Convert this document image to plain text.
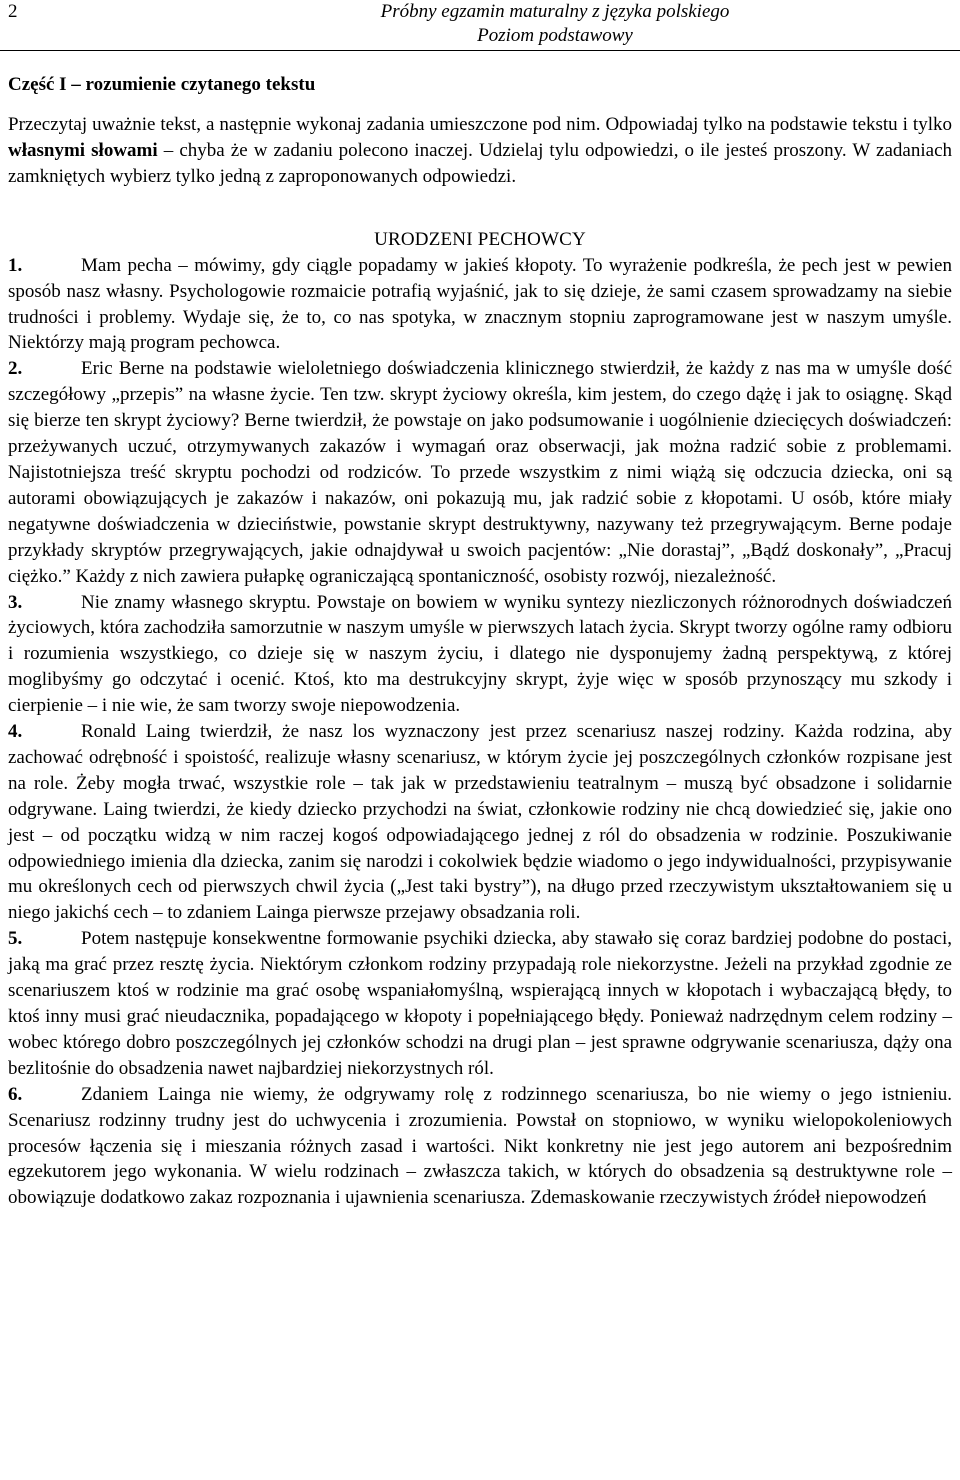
2	Próbny egzamin maturalny z języka polskiego
Poziom podstawowy
Część I – rozumienie czytanego tekstu

Przeczytaj uważnie tekst, a następnie wykonaj zadania umieszczone pod nim. Odpowiadaj tylko na podstawie tekstu i tylko własnymi słowami – chyba że w zadaniu polecono inaczej. Udzielaj tylu odpowiedzi, o ile jesteś proszony. W zadaniach zamkniętych wybierz tylko jedną z zaproponowanych odpowiedzi.

URODZENI PECHOWCY

1.	Mam pecha – mówimy, gdy ciągle popadamy w jakieś kłopoty. To wyrażenie podkreśla, że pech jest w pewien sposób nasz własny. Psychologowie rozmaicie potrafią wyjaśnić, jak to się dzieje, że sami czasem sprowadzamy na siebie trudności i problemy. Wydaje się, że to, co nas spotyka, w znacznym stopniu zaprogramowane jest w naszym umyśle. Niektórzy mają program pechowca.

2.	Eric Berne na podstawie wieloletniego doświadczenia klinicznego stwierdził, że każdy z nas ma w umyśle dość szczegółowy „przepis” na własne życie. Ten tzw. skrypt życiowy określa, kim jestem, do czego dążę i jak to osiągnę. Skąd się bierze ten skrypt życiowy? Berne twierdził, że powstaje on jako podsumowanie i uogólnienie dziecięcych doświadczeń: przeżywanych uczuć, otrzymywanych zakazów i wymagań oraz obserwacji, jak można radzić sobie z problemami. Najistotniejsza treść skryptu pochodzi od rodziców. To przede wszystkim z nimi wiążą się odczucia dziecka, oni są autorami obowiązujących je zakazów i nakazów, oni pokazują mu, jak radzić sobie z kłopotami. U osób, które miały negatywne doświadczenia w dzieciństwie, powstanie skrypt destruktywny, nazywany też przegrywającym. Berne podaje przykłady skryptów przegrywających, jakie odnajdywał u swoich pacjentów: „Nie dorastaj”, „Bądź doskonały”, „Pracuj ciężko.” Każdy z nich zawiera pułapkę ograniczającą spontaniczność, osobisty rozwój, niezależność.

3.	Nie znamy własnego skryptu. Powstaje on bowiem w wyniku syntezy niezliczonych różnorodnych doświadczeń życiowych, która zachodziła samorzutnie w naszym umyśle w pierwszych latach życia. Skrypt tworzy ogólne ramy odbioru i rozumienia wszystkiego, co dzieje się w naszym życiu, i dlatego nie dysponujemy żadną perspektywą, z której moglibyśmy go odczytać i ocenić. Ktoś, kto ma destrukcyjny skrypt, żyje więc w sposób przynoszący mu szkody i cierpienie – i nie wie, że sam tworzy swoje niepowodzenia.

4.	Ronald Laing twierdził, że nasz los wyznaczony jest przez scenariusz naszej rodziny. Każda rodzina, aby zachować odrębność i spoistość, realizuje własny scenariusz, w którym życie jej poszczególnych członków rozpisane jest na role. Żeby mogła trwać, wszystkie role – tak jak w przedstawieniu teatralnym – muszą być obsadzone i solidarnie odgrywane. Laing twierdzi, że kiedy dziecko przychodzi na świat, członkowie rodziny nie chcą dowiedzieć się, jakie ono jest – od początku widzą w nim raczej kogoś odpowiadającego jednej z ról do obsadzenia w rodzinie. Poszukiwanie odpowiedniego imienia dla dziecka, zanim się narodzi i cokolwiek będzie wiadomo o jego indywidualności, przypisywanie mu określonych cech od pierwszych chwil życia („Jest taki bystry”), na długo przed rzeczywistym ukształtowaniem się u niego jakichś cech – to zdaniem Lainga pierwsze przejawy obsadzania roli.

5.	Potem następuje konsekwentne formowanie psychiki dziecka, aby stawało się coraz bardziej podobne do postaci, jaką ma grać przez resztę życia. Niektórym członkom rodziny przypadają role niekorzystne. Jeżeli na przykład zgodnie ze scenariuszem ktoś w rodzinie ma grać osobę wspaniałomyślną, wspierającą innych w kłopotach i wybaczającą błędy, to ktoś inny musi grać nieudacznika, popadającego w kłopoty i popełniającego błędy. Ponieważ nadrzędnym celem rodziny – wobec którego dobro poszczególnych jej członków schodzi na drugi plan – jest sprawne odgrywanie scenariusza, dąży ona bezlitośnie do obsadzenia nawet najbardziej niekorzystnych ról.

6.	Zdaniem Lainga nie wiemy, że odgrywamy rolę z rodzinnego scenariusza, bo nie wiemy o jego istnieniu. Scenariusz rodzinny trudny jest do uchwycenia i zrozumienia. Powstał on stopniowo, w wyniku wielopokoleniowych procesów łączenia się i mieszania różnych zasad i wartości. Nikt konkretny nie jest jego autorem ani bezpośrednim egzekutorem jego wykonania. W wielu rodzinach – zwłaszcza takich, w których do obsadzenia są destruktywne role – obowiązuje dodatkowo zakaz rozpoznania i ujawnienia scenariusza. Zdemaskowanie rzeczywistych źródeł niepowodzeń
